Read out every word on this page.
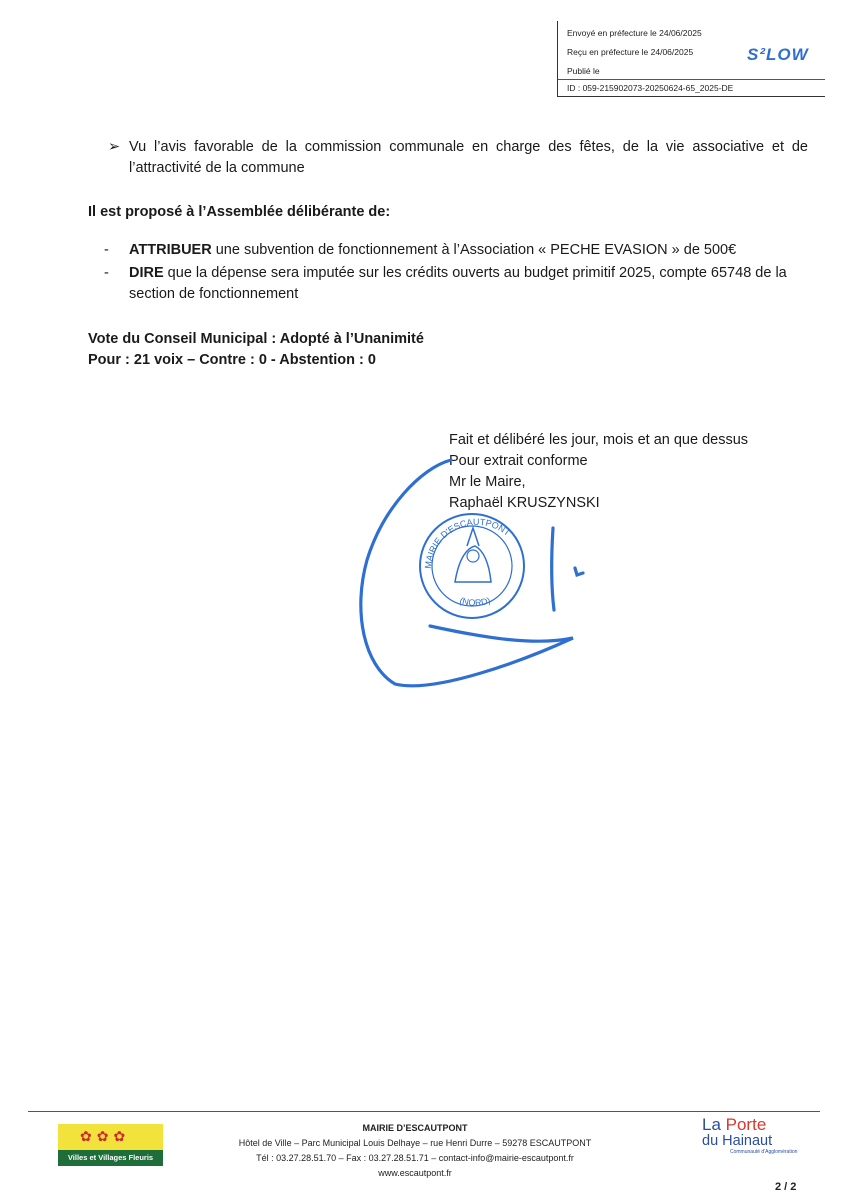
Envoyé en préfecture le 24/06/2025
Reçu en préfecture le 24/06/2025
Publié le
ID : 059-215902073-20250624-65_2025-DE
S²LOW
➢ Vu l’avis favorable de la commission communale en charge des fêtes, de la vie associative et de l’attractivité de la commune
Il est proposé à l’Assemblée délibérante de:
- ATTRIBUER une subvention de fonctionnement à l’Association « PECHE EVASION » de 500€
- DIRE que la dépense sera imputée sur les crédits ouverts au budget primitif 2025, compte 65748 de la section de fonctionnement
Vote du Conseil Municipal : Adopté à l’Unanimité
Pour : 21 voix – Contre : 0 - Abstention : 0
Fait et délibéré les jour, mois et an que dessus
Pour extrait conforme
Mr le Maire,
Raphaël KRUSZYNSKI
MAIRIE D'ESCAUTPONT
(NORD)
✿✿✿
Villes et Villages Fleuris
MAIRIE D’ESCAUTPONT
Hôtel de Ville – Parc Municipal Louis Delhaye – rue Henri Durre – 59278 ESCAUTPONT
Tél : 03.27.28.51.70 – Fax : 03.27.28.51.71 – contact-info@mairie-escautpont.fr
www.escautpont.fr
La Porte
du Hainaut
Communauté d'Agglomération
2 / 2
